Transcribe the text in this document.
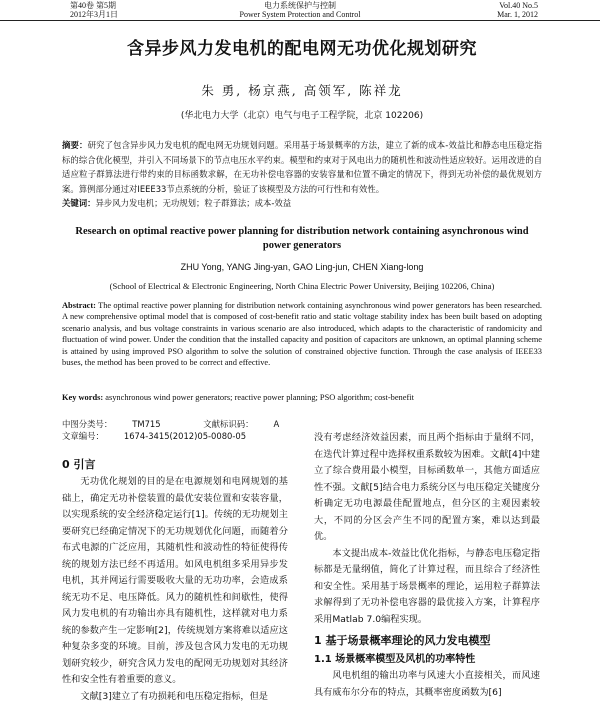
第40卷 第5期
2012年3月1日
电力系统保护与控制
Power System Protection and Control
Vol.40 No.5
Mar. 1, 2012
含异步风力发电机的配电网无功优化规划研究
朱 勇, 杨京燕, 高领军, 陈祥龙
(华北电力大学（北京）电气与电子工程学院，北京 102206)
摘要：研究了包含异步风力发电机的配电网无功规划问题。采用基于场景概率的方法，建立了新的成本-效益比和静态电压稳定指标的综合优化模型，并引入不同场景下的节点电压水平约束。模型和约束对于风电出力的随机性和波动性适应较好。运用改进的自适应粒子群算法进行带约束的目标函数求解，在无功补偿电容器的安装容量和位置不确定的情况下，得到无功补偿的最优规划方案。算例部分通过对IEEE33节点系统的分析，验证了该模型及方法的可行性和有效性。
关键词：异步风力发电机；无功规划；粒子群算法；成本-效益
Research on optimal reactive power planning for distribution network containing asynchronous wind
power generators
ZHU Yong, YANG Jing-yan, GAO Ling-jun, CHEN Xiang-long
(School of Electrical & Electronic Engineering, North China Electric Power University, Beijing 102206, China)
Abstract: The optimal reactive power planning for distribution network containing asynchronous wind power generators has been researched. A new comprehensive optimal model that is composed of cost-benefit ratio and static voltage stability index has been built based on adopting scenario analysis, and bus voltage constraints in various scenario are also introduced, which adapts to the characteristic of randomicity and fluctuation of wind power. Under the condition that the installed capacity and position of capacitors are unknown, an optimal planning scheme is attained by using improved PSO algorithm to solve the solution of constrained objective function. Through the case analysis of IEEE33 buses, the method has been proved to be correct and effective.
Key words: asynchronous wind power generators; reactive power planning; PSO algorithm; cost-benefit
中图分类号： TM715	文献标识码： A 文章编号： 1674-3415(2012)05-0080-05
0 引言

无功优化规划的目的是在电源规划和电网规划的基础上，确定无功补偿装置的最优安装位置和安装容量，以实现系统的安全经济稳定运行[1]。传统的无功规划主要研究已经确定情况下的无功规划优化问题，而随着分布式电源的广泛应用，其随机性和波动性的特征使得传统的规划方法已经不再适用。如风电机组多采用异步发电机，其并网运行需要吸收大量的无功功率，会造成系统无功不足、电压降低。风力的随机性和间歇性，使得风力发电机的有功输出亦具有随机性，这样就对电力系统的参数产生一定影响[2]，传统规划方案将难以适应这种复杂多变的环境。目前，涉及包含风力发电的无功规划研究较少，研究含风力发电的配网无功规划对其经济性和安全性有着重要的意义。

文献[3]建立了有功损耗和电压稳定指标，但是

没有考虑经济效益因素，而且两个指标由于量纲不同，在迭代计算过程中选择权重系数较为困难。文献[4]中建立了综合费用最小模型，目标函数单一，其他方面适应性不强。文献[5]结合电力系统分区与电压稳定关键度分析确定无功电源最佳配置地点，但分区的主观因素较大，不同的分区会产生不同的配置方案，难以达到最优。

本文提出成本-效益比优化指标，与静态电压稳定指标都是无量纲值，简化了计算过程，而且综合了经济性和安全性。采用基于场景概率的理论，运用粒子群算法求解得到了无功补偿电容器的最优接入方案，计算程序采用Matlab 7.0编程实现。

1 基于场景概率理论的风力发电模型
1.1 场景概率模型及风机的功率特性

风电机组的输出功率与风速大小直接相关，而风速具有威布尔分布的特点，其概率密度函数为[6]
